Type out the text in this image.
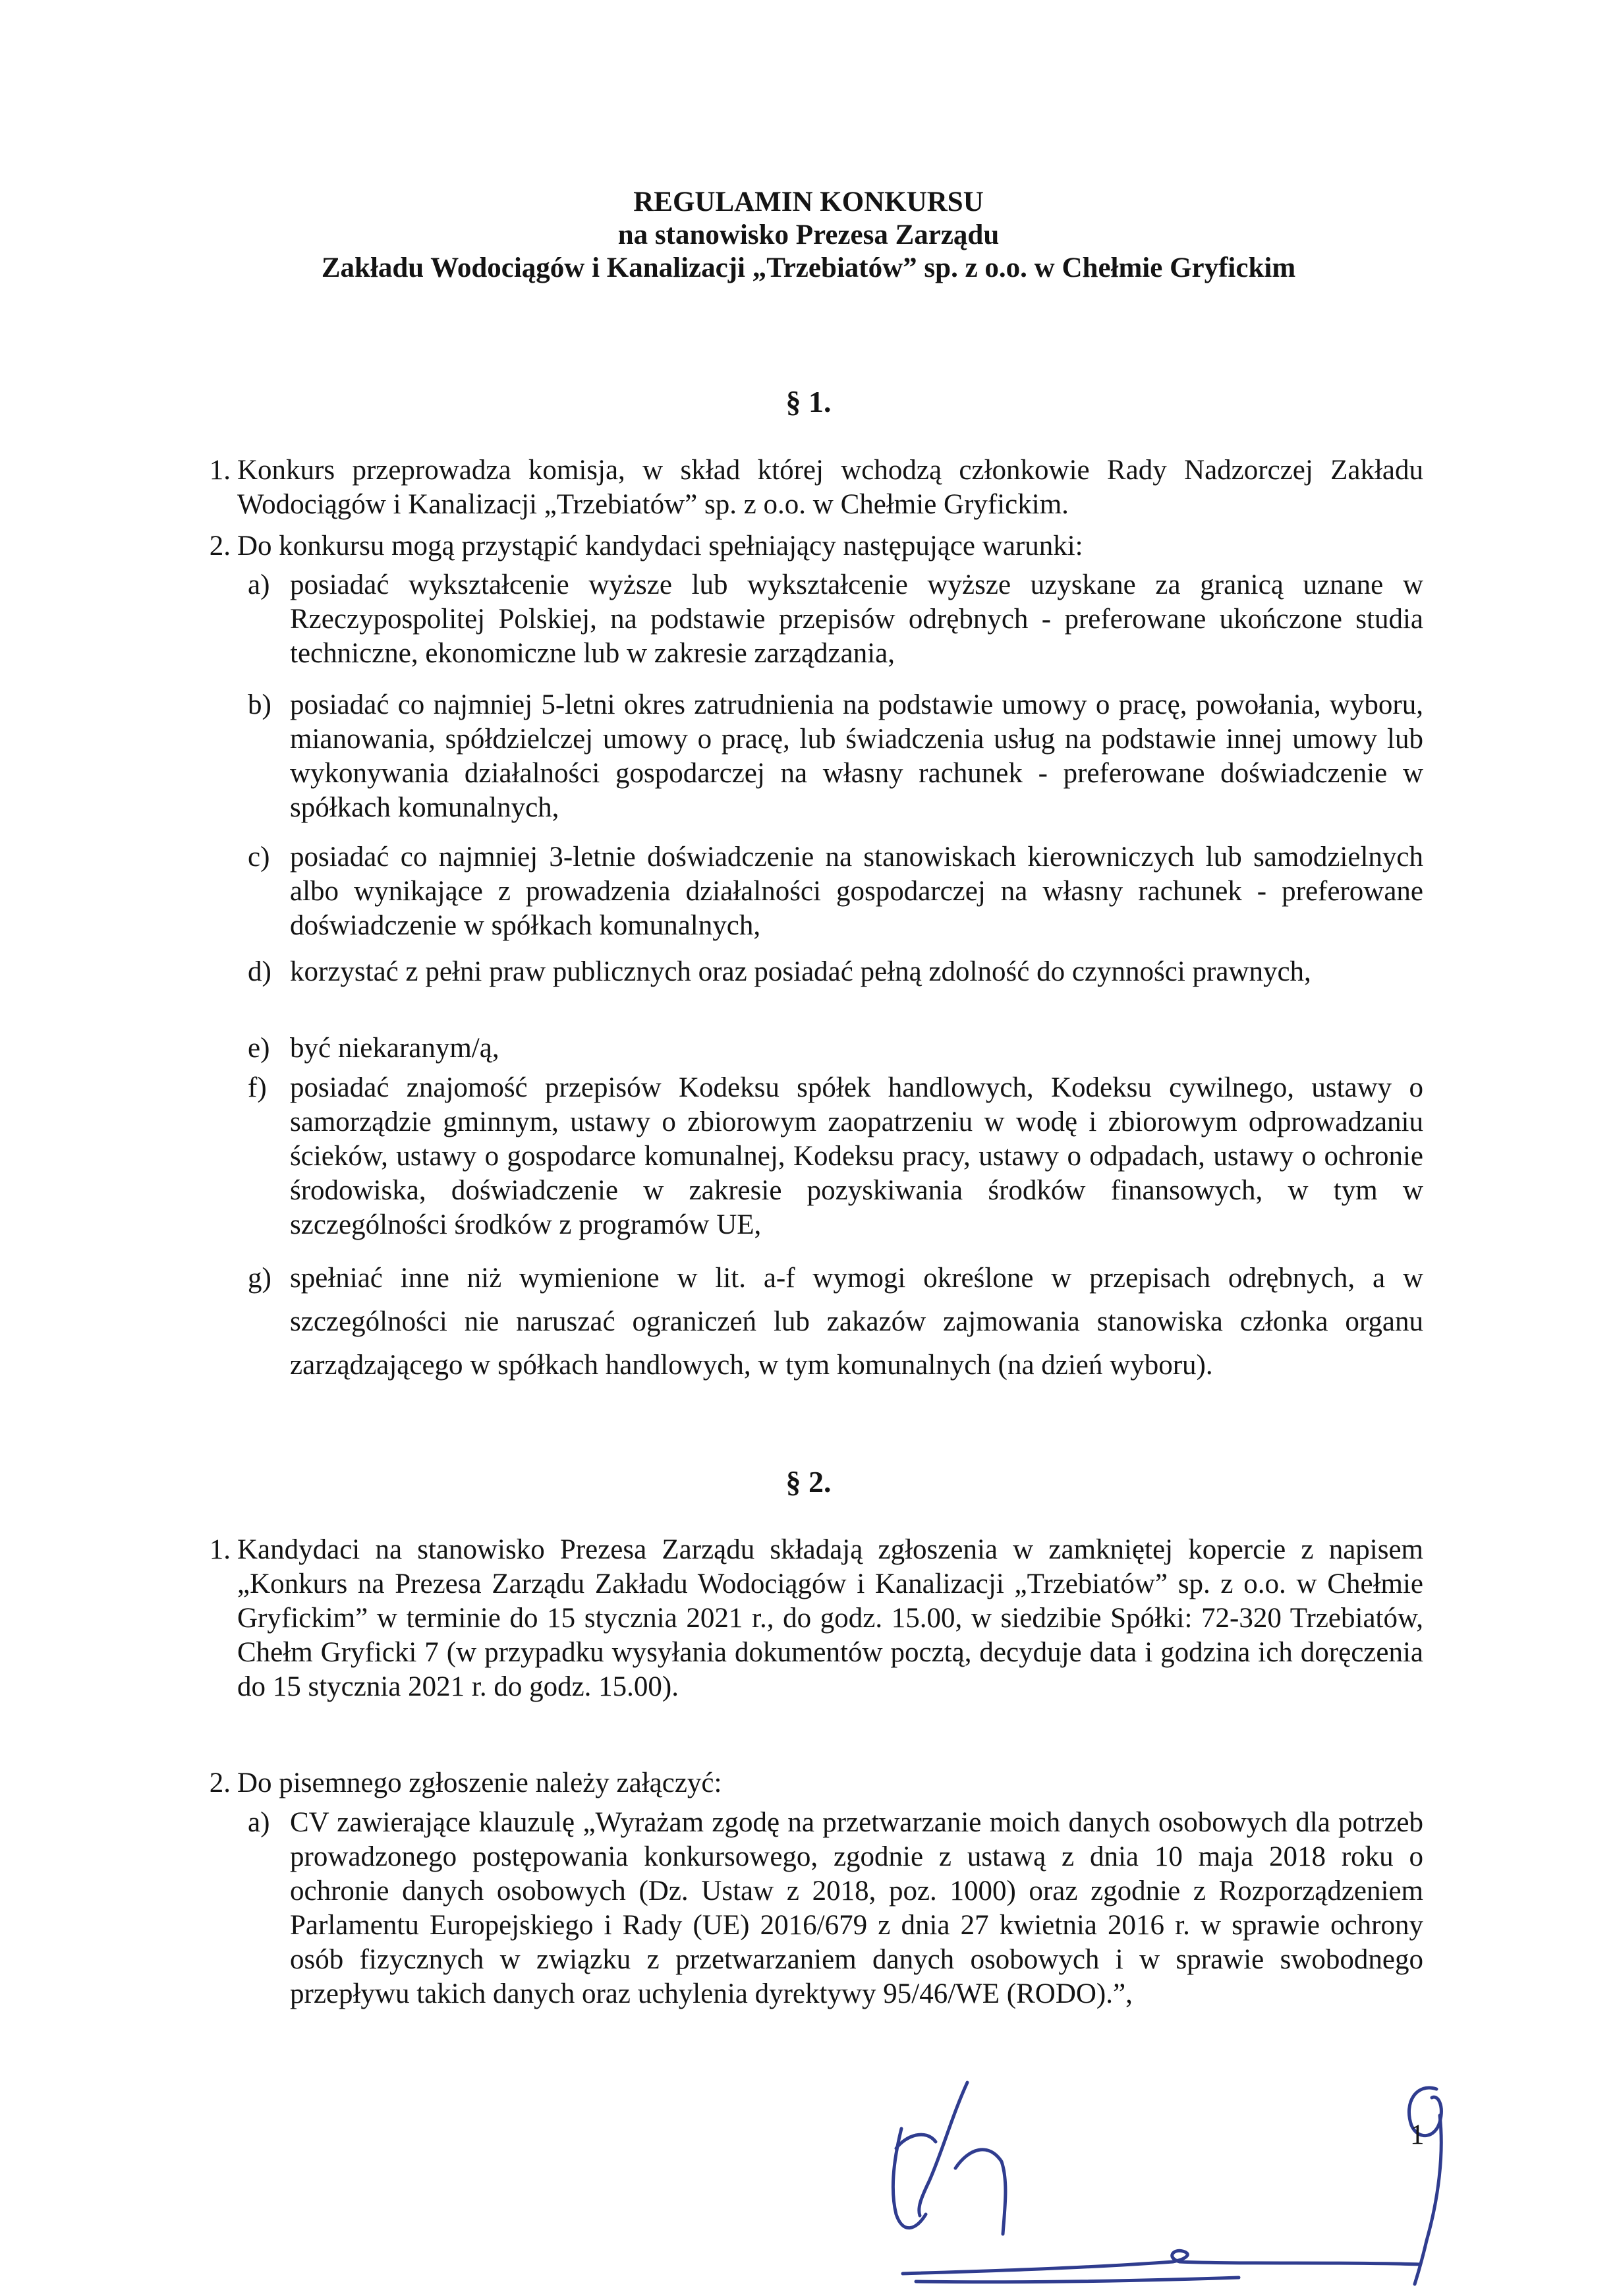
REGULAMIN KONKURSU
na stanowisko Prezesa Zarządu
Zakładu Wodociągów i Kanalizacji „Trzebiatów” sp. z o.o. w Chełmie Gryfickim
§ 1.
1. Konkurs przeprowadza komisja, w skład której wchodzą członkowie Rady Nadzorczej Zakładu Wodociągów i Kanalizacji „Trzebiatów” sp. z o.o. w Chełmie Gryfickim.
2. Do konkursu mogą przystąpić kandydaci spełniający następujące warunki:
a) posiadać wykształcenie wyższe lub wykształcenie wyższe uzyskane za granicą uznane w Rzeczypospolitej Polskiej, na podstawie przepisów odrębnych - preferowane ukończone studia techniczne, ekonomiczne lub w zakresie zarządzania,
b) posiadać co najmniej 5-letni okres zatrudnienia na podstawie umowy o pracę, powołania, wyboru, mianowania, spółdzielczej umowy o pracę, lub świadczenia usług na podstawie innej umowy lub wykonywania działalności gospodarczej na własny rachunek - preferowane doświadczenie w spółkach komunalnych,
c) posiadać co najmniej 3-letnie doświadczenie na stanowiskach kierowniczych lub samodzielnych albo wynikające z prowadzenia działalności gospodarczej na własny rachunek - preferowane doświadczenie w spółkach komunalnych,
d) korzystać z pełni praw publicznych oraz posiadać pełną zdolność do czynności prawnych,
e) być niekaranym/ą,
f) posiadać znajomość przepisów Kodeksu spółek handlowych, Kodeksu cywilnego, ustawy o samorządzie gminnym, ustawy o zbiorowym zaopatrzeniu w wodę i zbiorowym odprowadzaniu ścieków, ustawy o gospodarce komunalnej, Kodeksu pracy, ustawy o odpadach, ustawy o ochronie środowiska, doświadczenie w zakresie pozyskiwania środków finansowych, w tym w szczególności środków z programów UE,
g) spełniać inne niż wymienione w lit. a-f wymogi określone w przepisach odrębnych, a w szczególności nie naruszać ograniczeń lub zakazów zajmowania stanowiska członka organu zarządzającego w spółkach handlowych, w tym komunalnych (na dzień wyboru).
§ 2.
1. Kandydaci na stanowisko Prezesa Zarządu składają zgłoszenia w zamkniętej kopercie z napisem „Konkurs na Prezesa Zarządu Zakładu Wodociągów i Kanalizacji „Trzebiatów” sp. z o.o. w Chełmie Gryfickim” w terminie do 15 stycznia 2021 r., do godz. 15.00, w siedzibie Spółki: 72-320 Trzebiatów, Chełm Gryficki 7 (w przypadku wysyłania dokumentów pocztą, decyduje data i godzina ich doręczenia do 15 stycznia 2021 r. do godz. 15.00).
2. Do pisemnego zgłoszenie należy załączyć:
a) CV zawierające klauzulę „Wyrażam zgodę na przetwarzanie moich danych osobowych dla potrzeb prowadzonego postępowania konkursowego, zgodnie z ustawą z dnia 10 maja 2018 roku o ochronie danych osobowych (Dz. Ustaw z 2018, poz. 1000) oraz zgodnie z Rozporządzeniem Parlamentu Europejskiego i Rady (UE) 2016/679 z dnia 27 kwietnia 2016 r. w sprawie ochrony osób fizycznych w związku z przetwarzaniem danych osobowych i w sprawie swobodnego przepływu takich danych oraz uchylenia dyrektywy 95/46/WE (RODO).”,
1
